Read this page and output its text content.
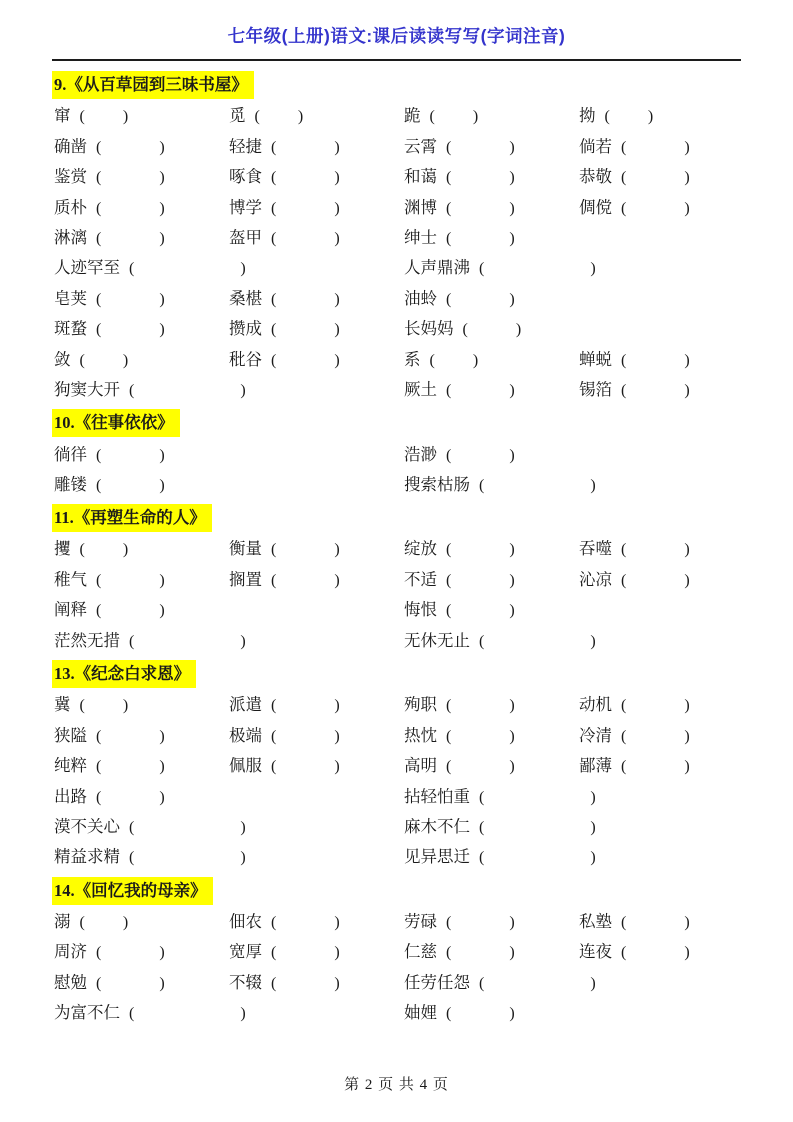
七年级(上册)语文:课后读读写写(字词注音)
9.《从百草园到三味书屋》
窜 ( )	觅 ( )	跪 ( )	拗 ( )
确凿 (	)	轻捷 (	)	云霄 (	)	倘若 (	)
鉴赏 (	)	啄食 (	)	和蔼 (	)	恭敬 (	)
质朴 (	)	博学 (	)	渊博 (	)	倜傥 (	)
淋漓 (	)	盔甲 (	)	绅士 (	)
人迹罕至 (	)	人声鼎沸 (	)
皂荚 (	)	桑椹 (	)	油蛉 (	)
斑蝥 (	)	攒成 (	)	长妈妈 (	)
敛 ( )	秕谷 (	)	系 ( )	蝉蜕 (	)
狗窦大开 (	)	厥土 (	)	锡箔 (	)
10.《往事依依》
徜徉 (	)	浩渺 (	)
雕镂 (	)	搜索枯肠 (	)
11.《再塑生命的人》
攫 ( )	衡量 (	)	绽放 (	)	吞噬 (	)
稚气 (	)	搁置 (	)	不适 (	)	沁凉 (	)
阐释 (	)	悔恨 (	)
茫然无措 (	)	无休无止 (	)
13.《纪念白求恩》
冀 ( )	派遣 (	)	殉职 (	)	动机 (	)
狭隘 (	)	极端 (	)	热忱 (	)	冷清 (	)
纯粹 (	)	佩服 (	)	高明 (	)	鄙薄 (	)
出路 (	)	拈轻怕重 (	)
漠不关心 (	)	麻木不仁 (	)
精益求精 (	)	见异思迁 (	)
14.《回忆我的母亲》
溺 ( )	佃农 (	)	劳碌 (	)	私塾 (	)
周济 (	)	宽厚 (	)	仁慈 (	)	连夜 (	)
慰勉 (	)	不辍 (	)	任劳任怨 (	)
为富不仁 (	)	妯娌 (	)
第 2 页 共 4 页
